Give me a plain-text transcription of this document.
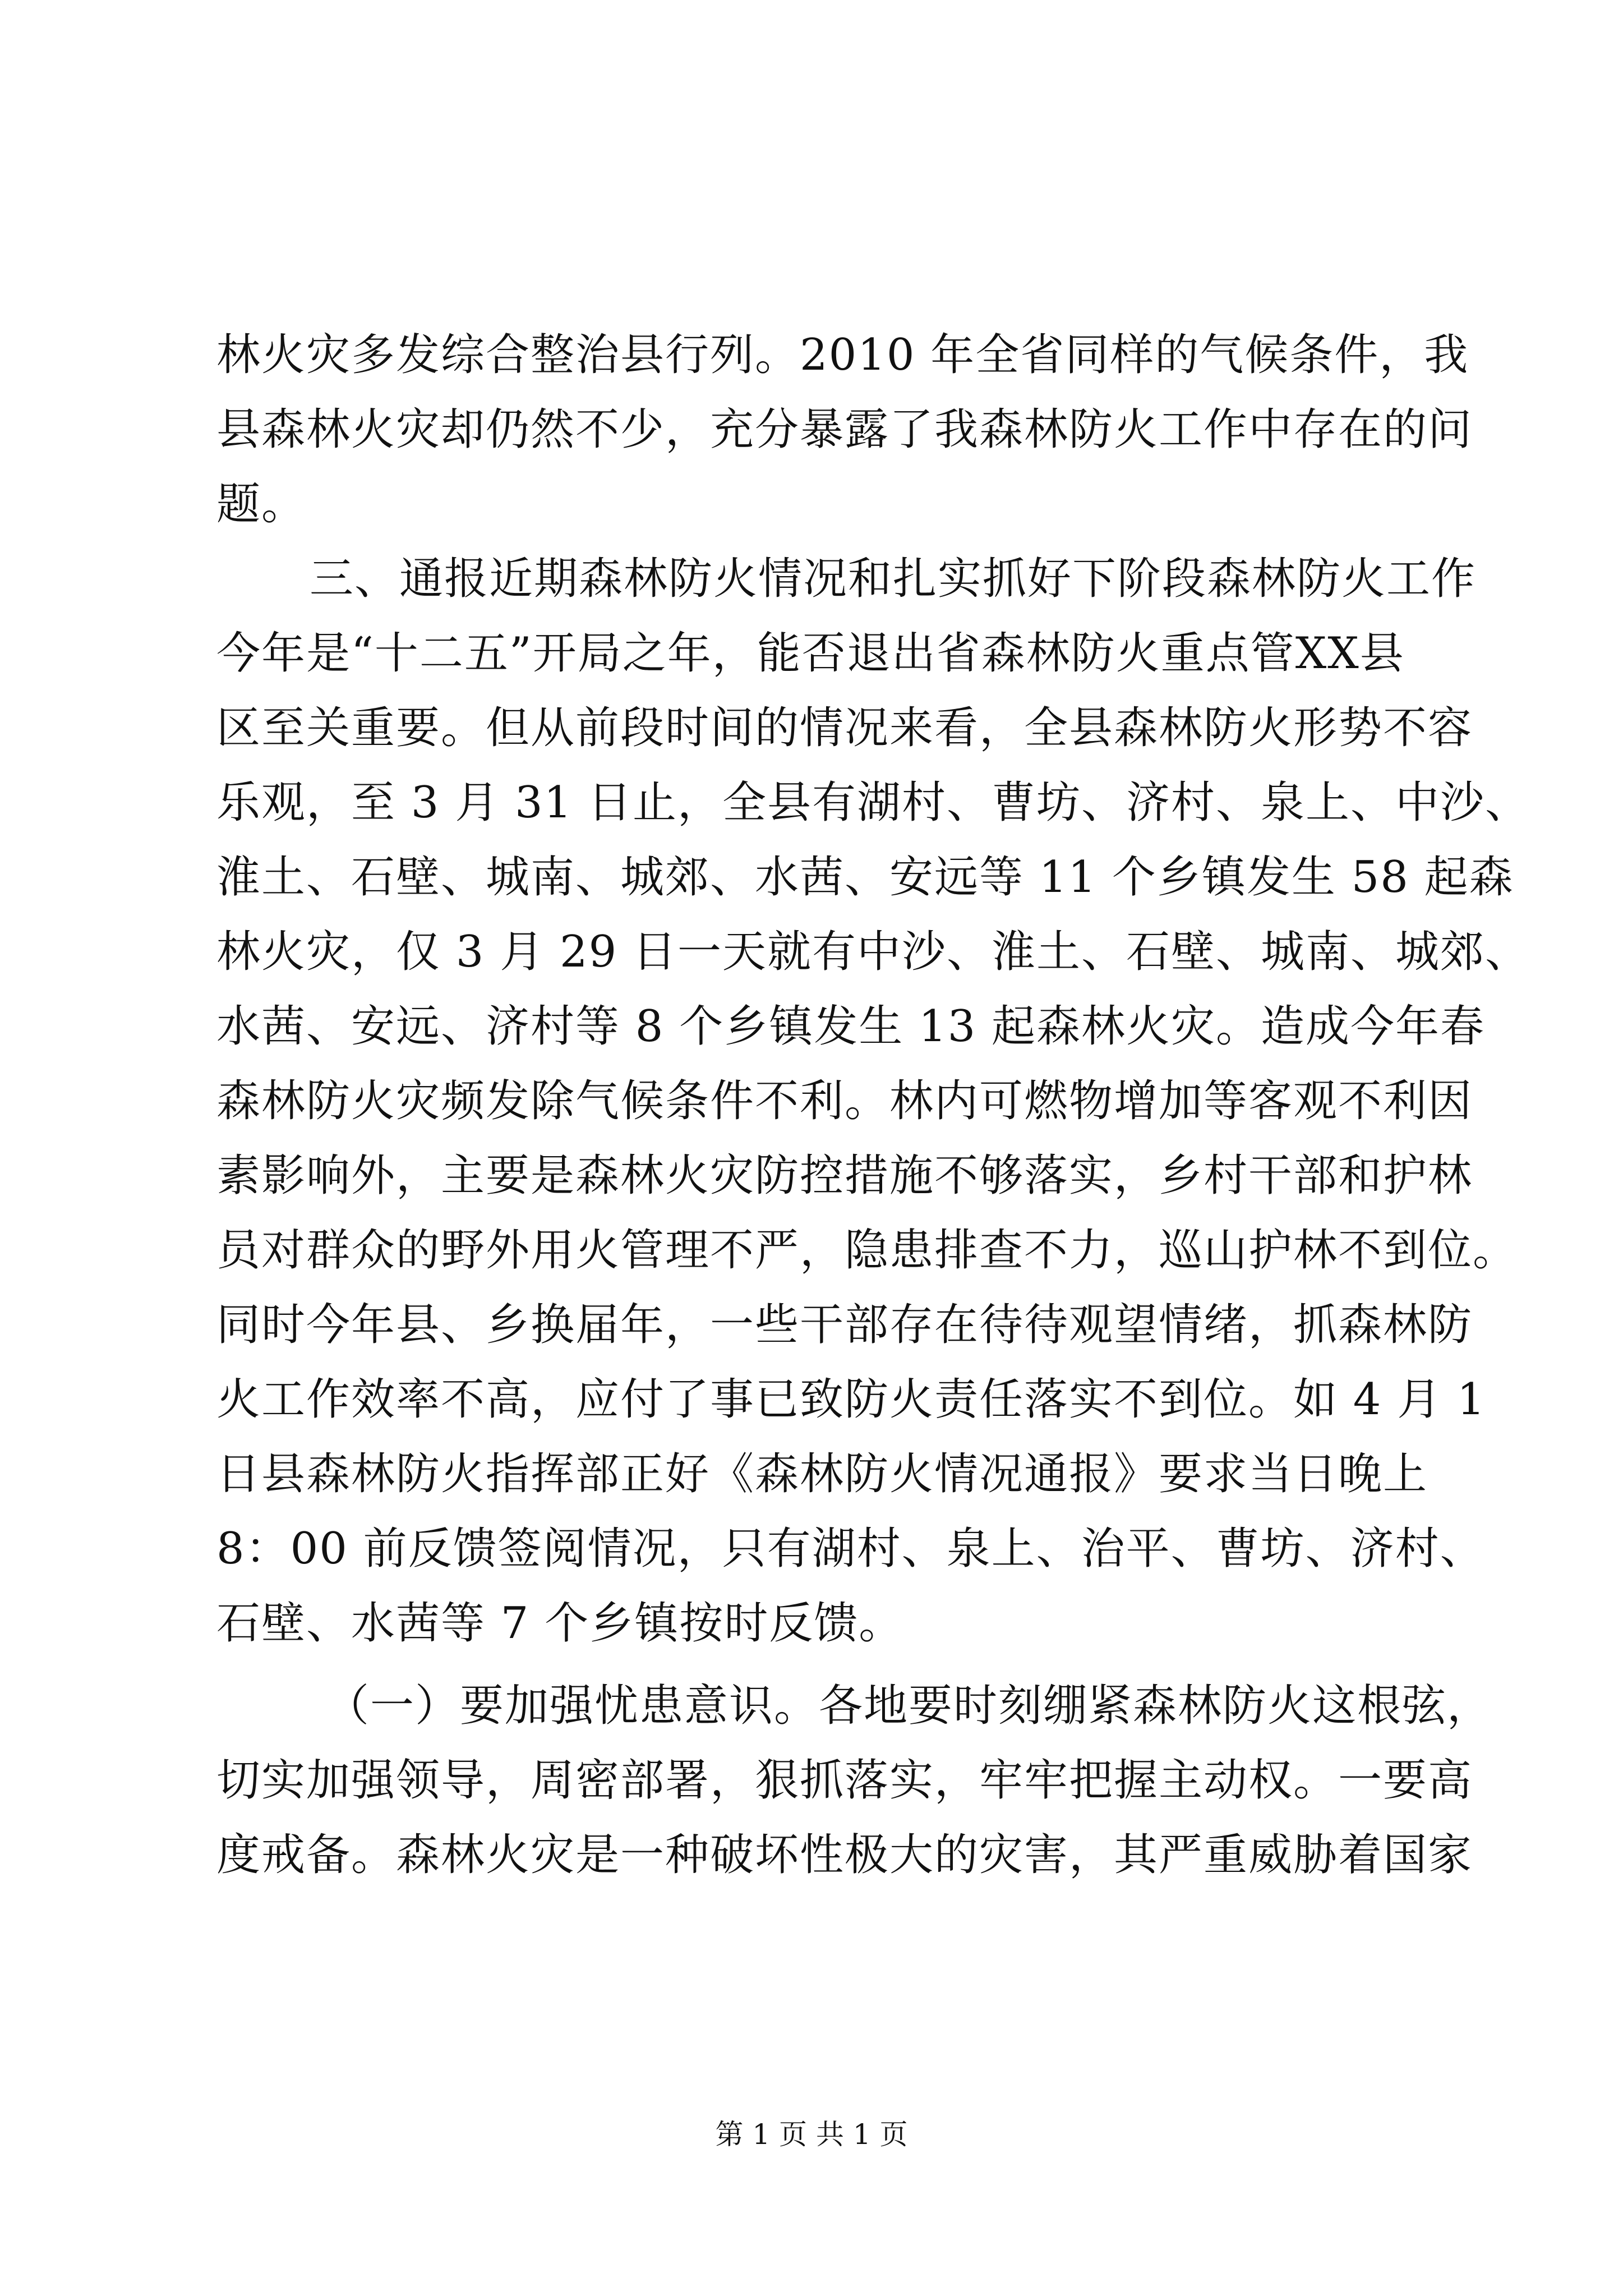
林火灾多发综合整治县行列。2010 年全省同样的气候条件，我

县森林火灾却仍然不少，充分暴露了我森林防火工作中存在的问

题。

三、通报近期森林防火情况和扎实抓好下阶段森林防火工作

今年是“十二五”开局之年，能否退出省森林防火重点管XX县

区至关重要。但从前段时间的情况来看，全县森林防火形势不容

乐观，至 3 月 31 日止，全县有湖村、曹坊、济村、泉上、中沙、

淮土、石壁、城南、城郊、水茜、安远等 11 个乡镇发生 58 起森

林火灾，仅 3 月 29 日一天就有中沙、淮土、石壁、城南、城郊、

水茜、安远、济村等 8 个乡镇发生 13 起森林火灾。造成今年春

森林防火灾频发除气候条件不利。林内可燃物增加等客观不利因

素影响外，主要是森林火灾防控措施不够落实，乡村干部和护林

员对群众的野外用火管理不严，隐患排查不力，巡山护林不到位。

同时今年县、乡换届年，一些干部存在待待观望情绪，抓森林防

火工作效率不高，应付了事已致防火责任落实不到位。如 4 月 1

日县森林防火指挥部正好《森林防火情况通报》要求当日晚上

8：00 前反馈签阅情况，只有湖村、泉上、治平、曹坊、济村、

石壁、水茜等 7 个乡镇按时反馈。

（一）要加强忧患意识。各地要时刻绷紧森林防火这根弦，

切实加强领导，周密部署，狠抓落实，牢牢把握主动权。一要高

度戒备。森林火灾是一种破坏性极大的灾害，其严重威胁着国家

第 1 页 共 1 页
